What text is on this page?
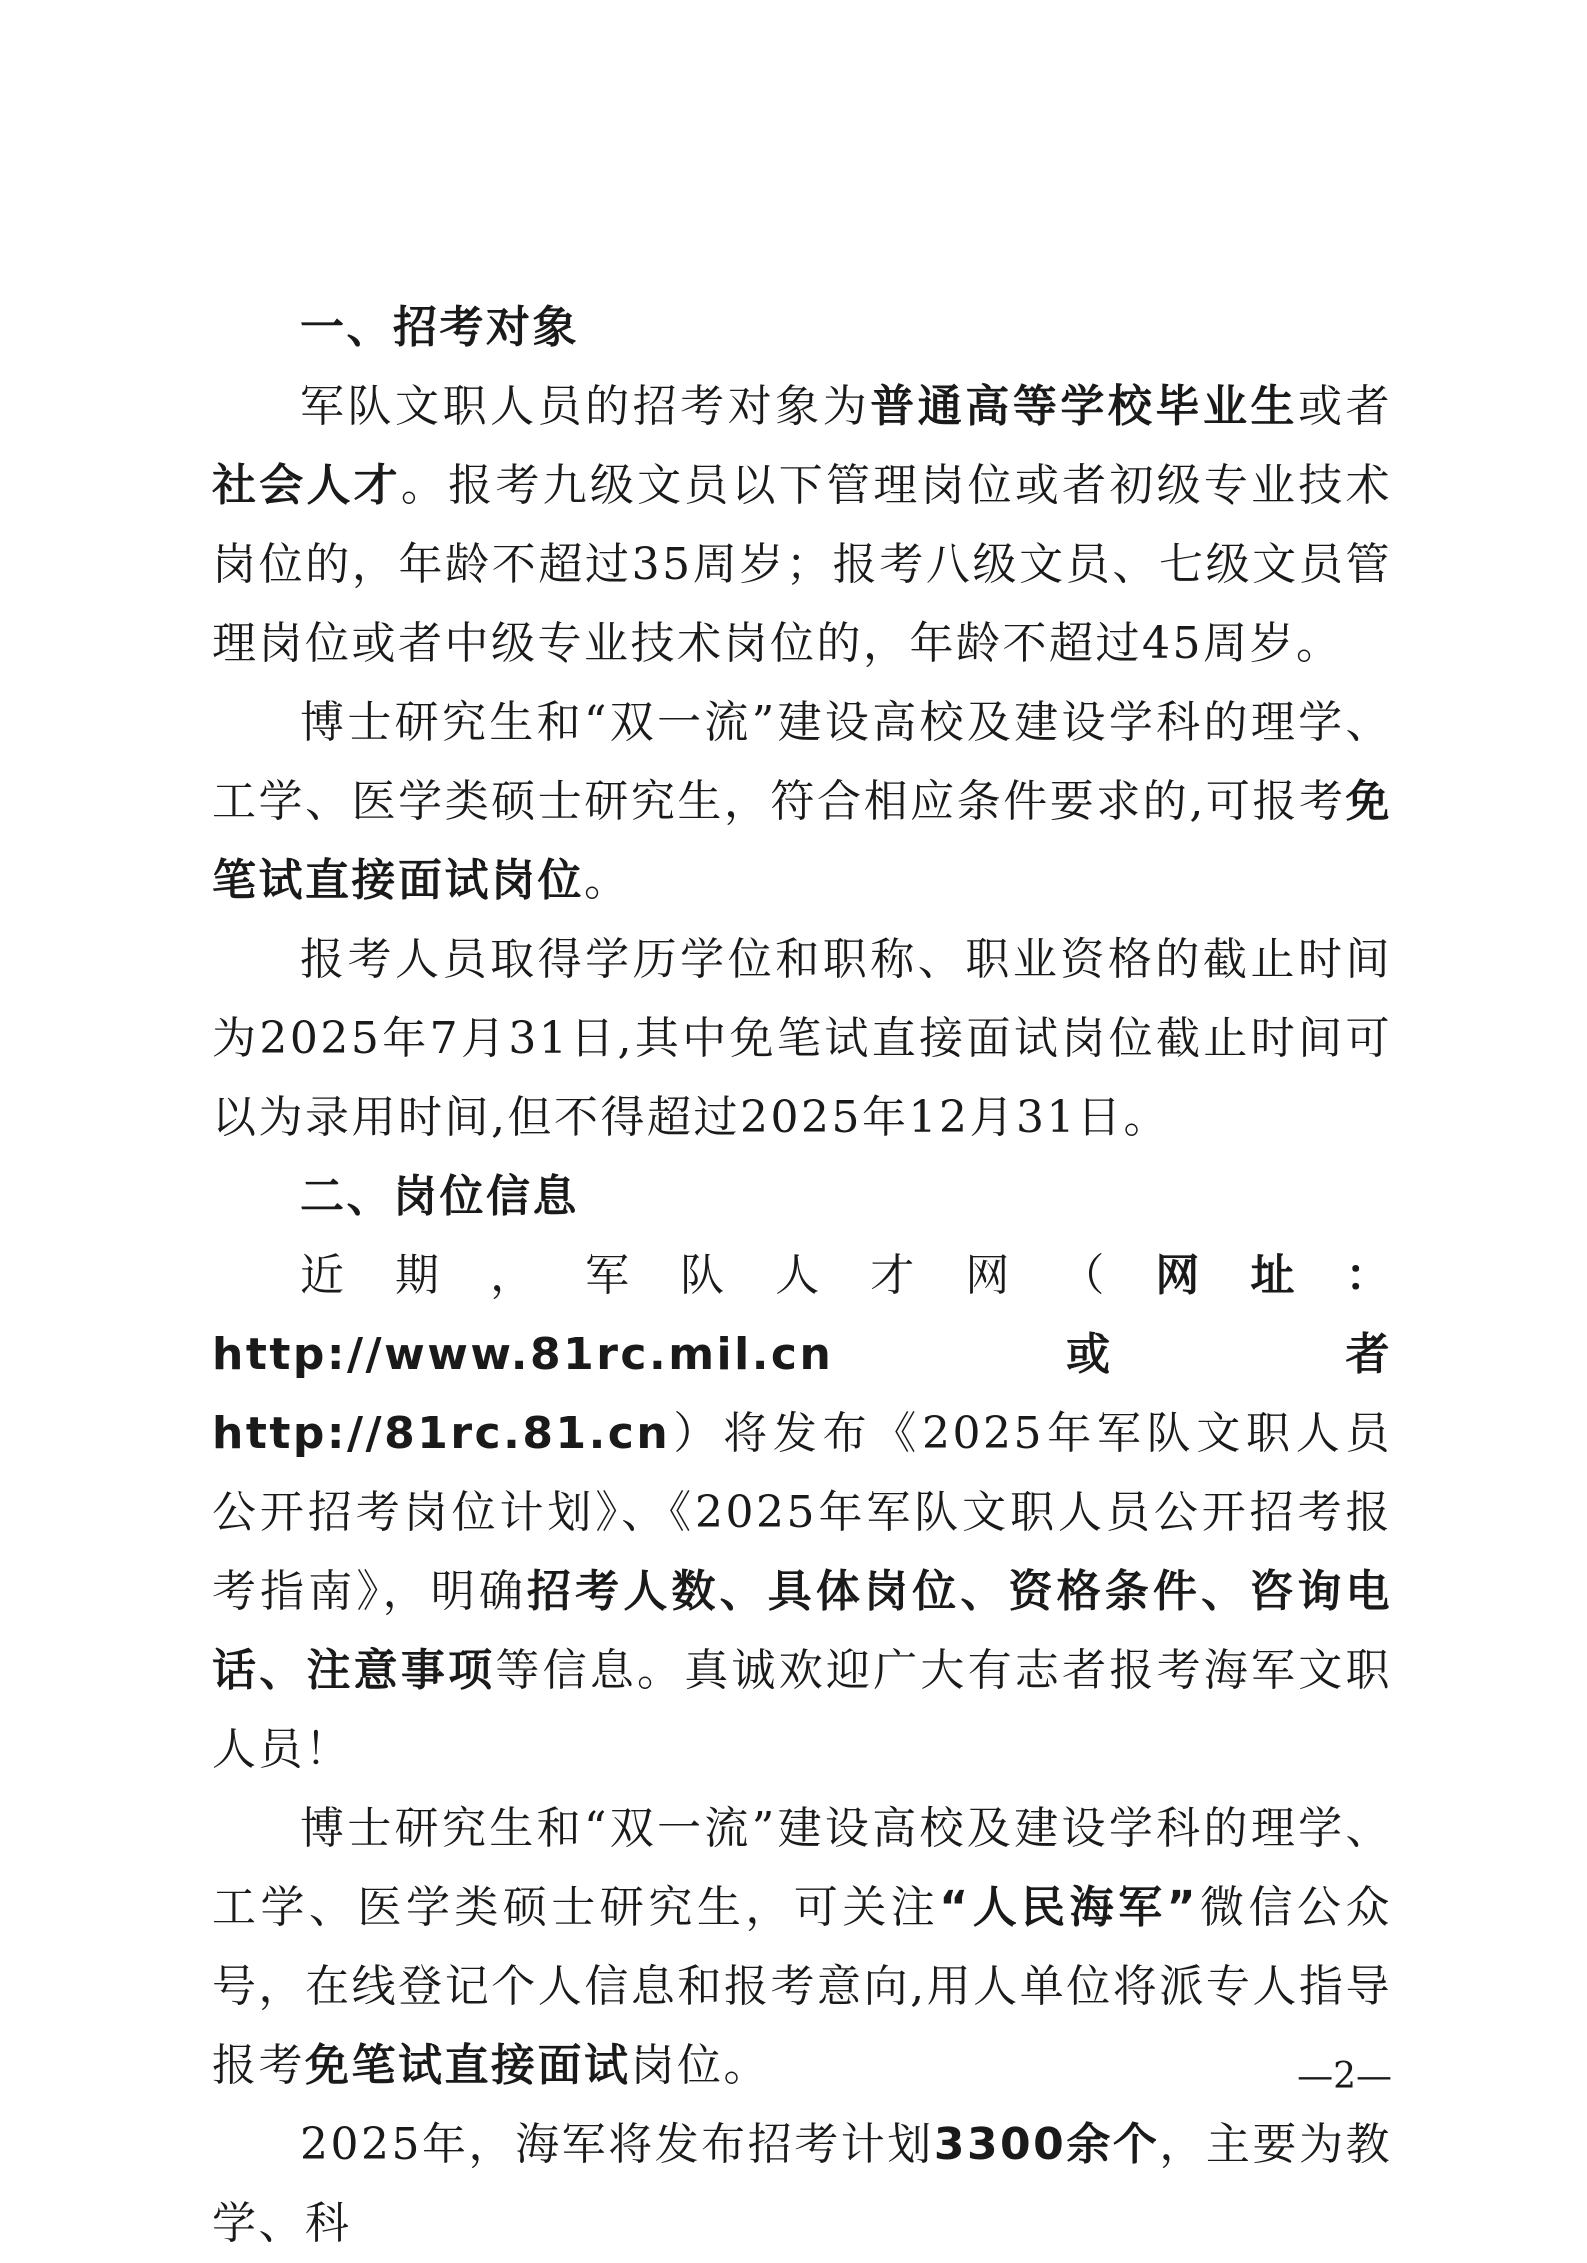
一、招考对象

军队文职人员的招考对象为普通高等学校毕业生或者社会人才。报考九级文员以下管理岗位或者初级专业技术岗位的，年龄不超过35周岁；报考八级文员、七级文员管理岗位或者中级专业技术岗位的，年龄不超过45周岁。

博士研究生和“双一流”建设高校及建设学科的理学、工学、医学类硕士研究生，符合相应条件要求的,可报考免笔试直接面试岗位。

报考人员取得学历学位和职称、职业资格的截止时间为2025年7月31日,其中免笔试直接面试岗位截止时间可以为录用时间,但不得超过2025年12月31日。

二、岗位信息

近期，军队人才网（网址：http://www.81rc.mil.cn或者http://81rc.81.cn）将发布《2025年军队文职人员公开招考岗位计划》、《2025年军队文职人员公开招考报考指南》，明确招考人数、具体岗位、资格条件、咨询电话、注意事项等信息。真诚欢迎广大有志者报考海军文职人员！

博士研究生和“双一流”建设高校及建设学科的理学、工学、医学类硕士研究生，可关注“人民海军”微信公众号，在线登记个人信息和报考意向,用人单位将派专人指导报考免笔试直接面试岗位。

2025年，海军将发布招考计划3300余个，主要为教学、科

—2—
